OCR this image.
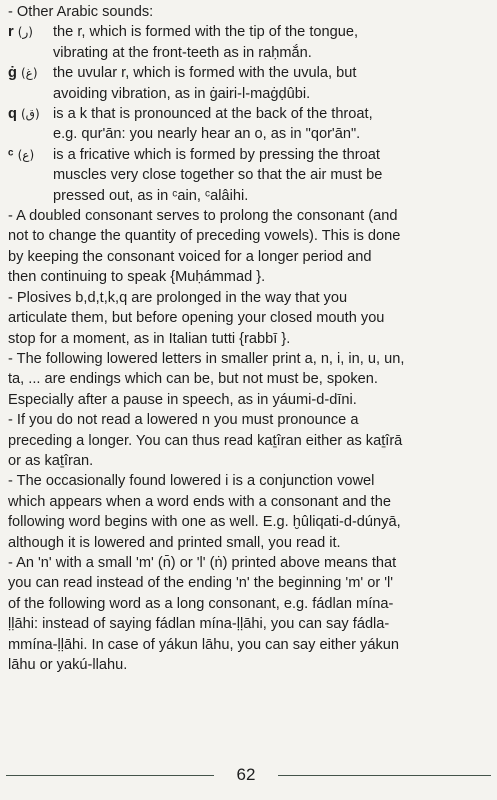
- Other Arabic sounds:

r (ر) the r, which is formed with the tip of the tongue,

vibrating at the front-teeth as in raḥmắn.

ġ (غ) the uvular r, which is formed with the uvula, but

avoiding vibration, as in ġairi-l-maġḍûbi.

q (ق) is a k that is pronounced at the back of the throat,

e.g. qur'ān: you nearly hear an o, as in "qor'ān".

ᶜ (ع) is a fricative which is formed by pressing the throat

muscles very close together so that the air must be

pressed out, as in ᶜain, ᶜalâihi.

- A doubled consonant serves to prolong the consonant (and

not to change the quantity of preceding vowels). This is done

by keeping the consonant voiced for a longer period and

then continuing to speak {Muḥámmad }.

- Plosives b,d,t,k,q are prolonged in the way that you

articulate them, but before opening your closed mouth you

stop for a moment, as in Italian tutti {rabbī }.

- The following lowered letters in smaller print a, n, i, in, u, un,

ta, ... are endings which can be, but not must be, spoken.

Especially after a pause in speech, as in yáumi-d-dīni.

- If you do not read a lowered n you must pronounce a

preceding a longer. You can thus read kaṯîran either as kaṯîrā

or as kaṯîran.

- The occasionally found lowered i is a conjunction vowel

which appears when a word ends with a consonant and the

following word begins with one as well. E.g. ḫûliqati-d-dúnyā,

although it is lowered and printed small, you read it.

- An 'n' with a small 'm' (n̄) or 'l' (ṅ) printed above means that

you can read instead of the ending 'n' the beginning 'm' or 'l'

of the following word as a long consonant, e.g. fádlan mína-

ḷḷāhi: instead of saying fádlan mína-ḷḷāhi, you can say fádla-

mmína-ḷḷāhi. In case of yákun lāhu, you can say either yákun

lāhu or yakú-llahu.

62
